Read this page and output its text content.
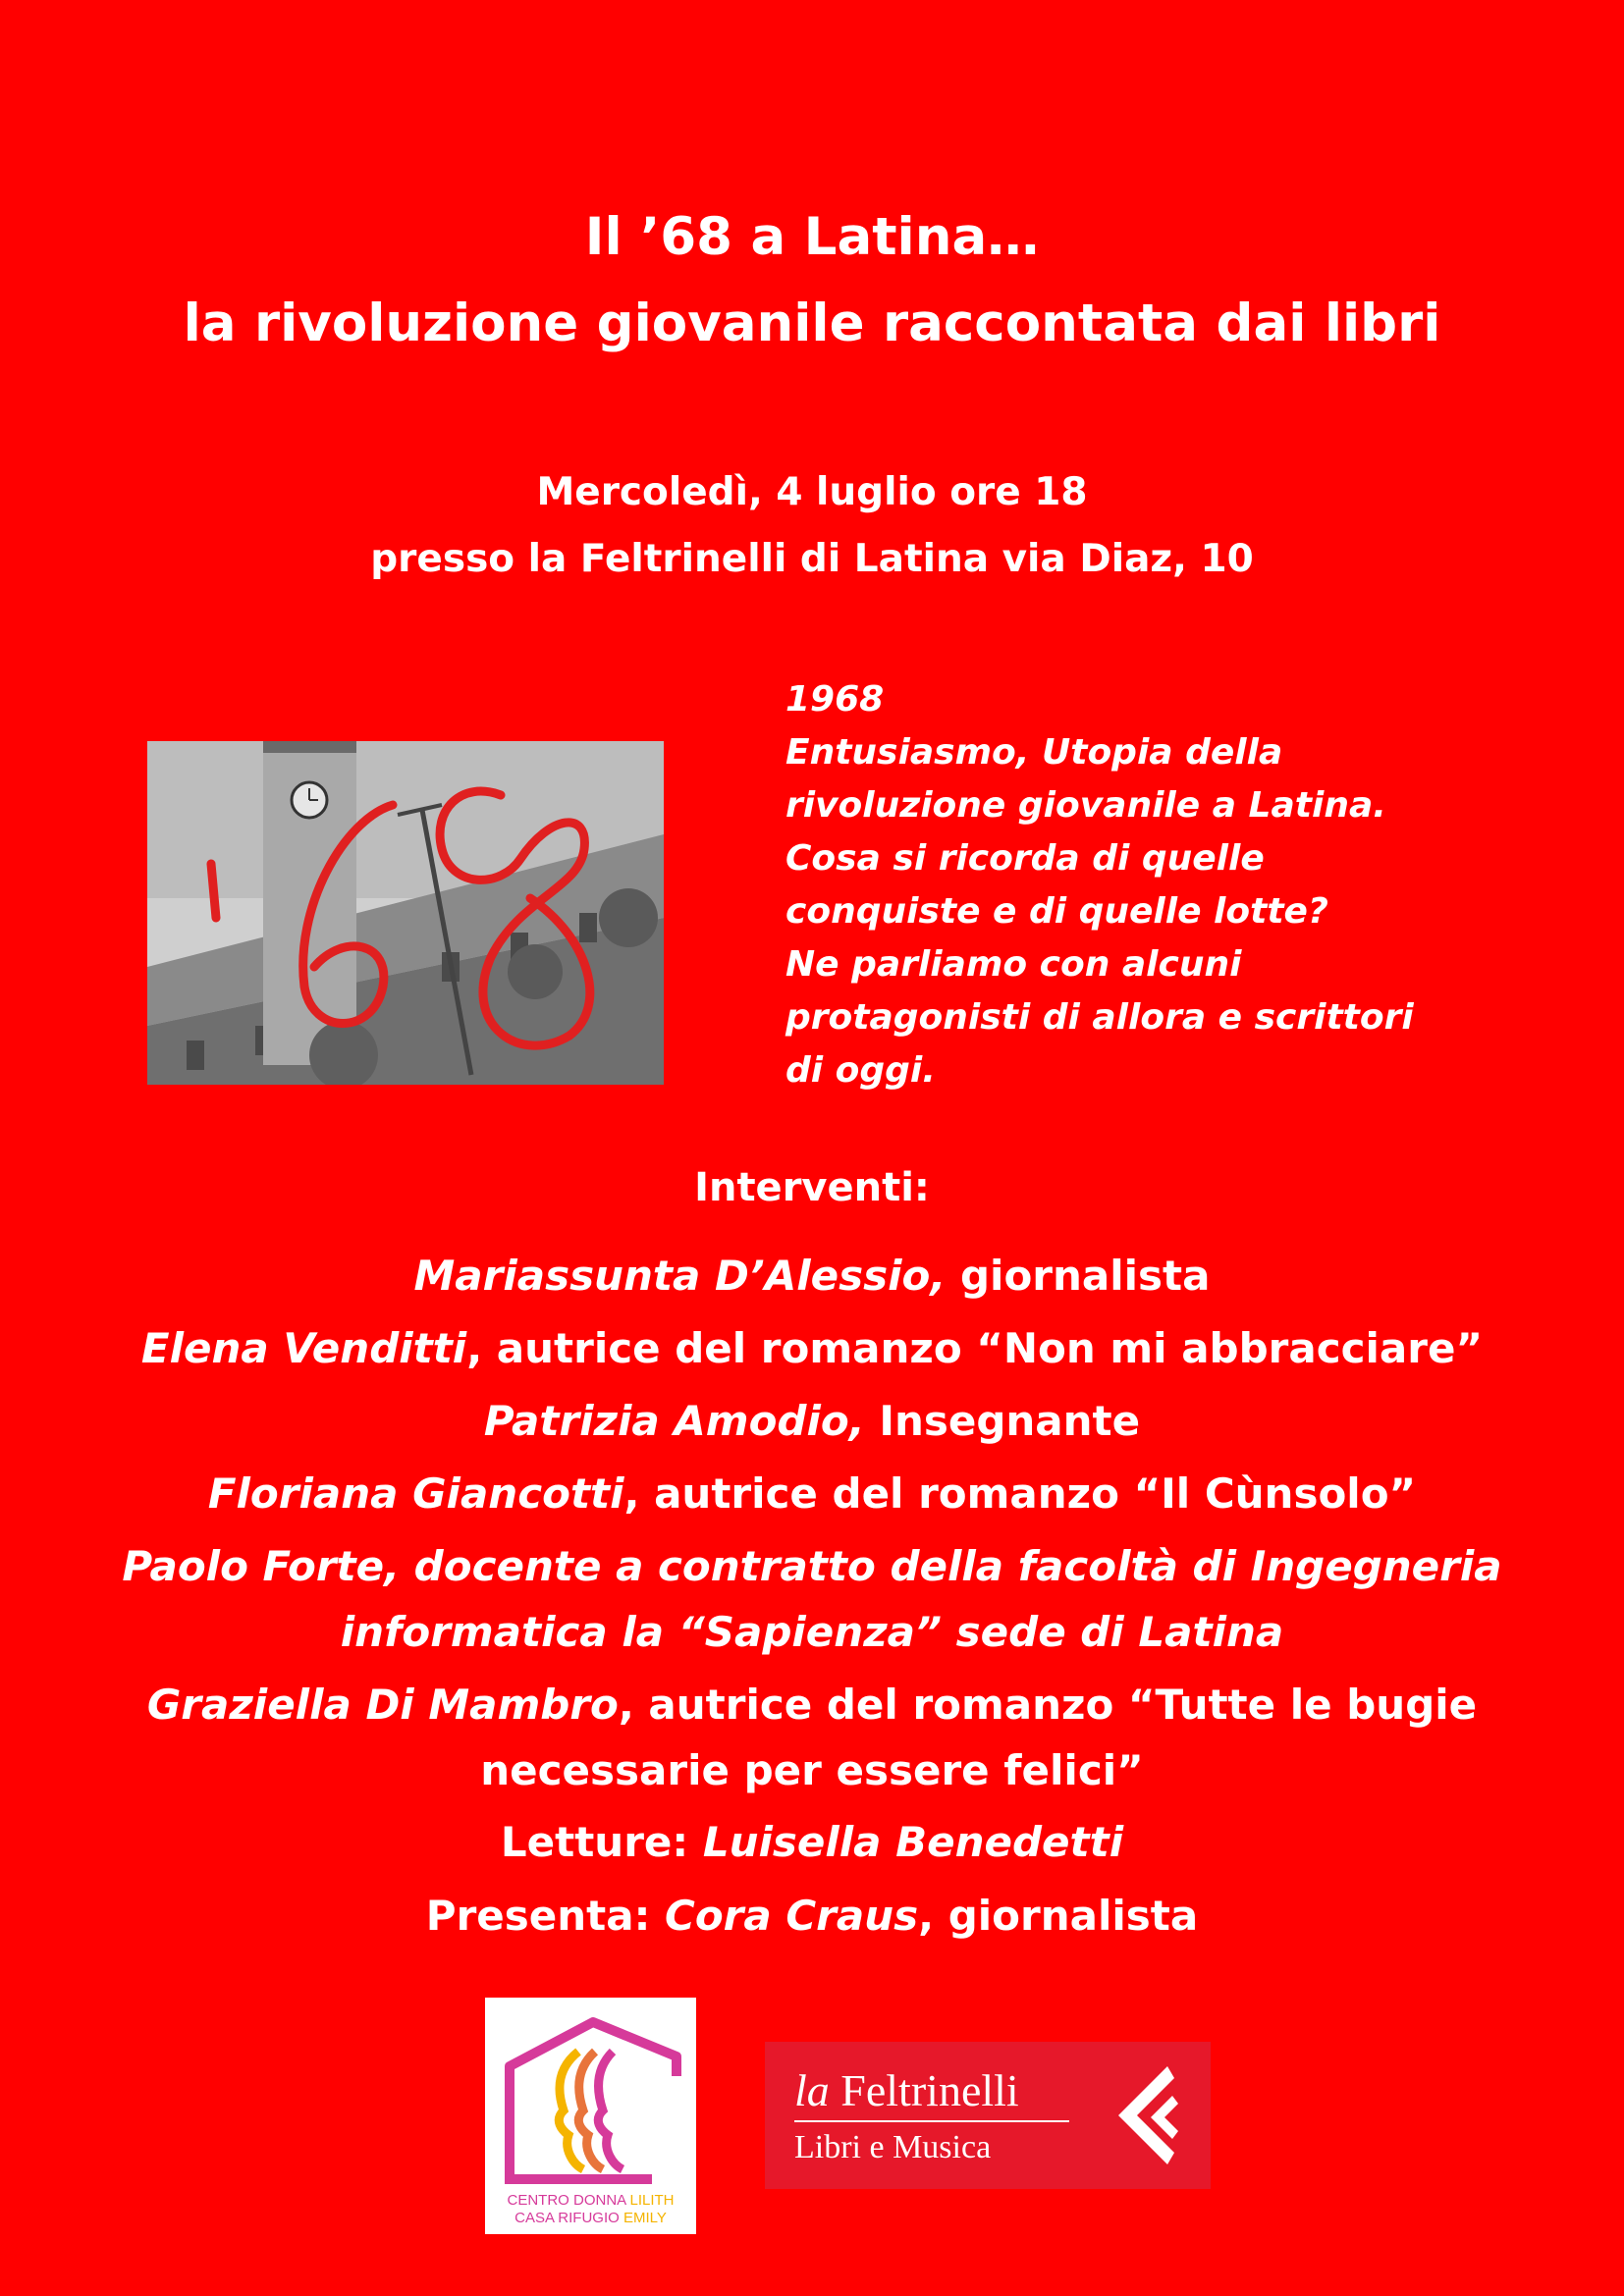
Il ’68 a Latina…
la rivoluzione giovanile raccontata dai libri
Mercoledì, 4 luglio ore 18
presso la Feltrinelli di Latina via Diaz, 10
1968
Entusiasmo, Utopia della
rivoluzione giovanile a Latina.
Cosa si ricorda di quelle
conquiste e di quelle lotte?
Ne parliamo con alcuni
protagonisti di allora e scrittori
di oggi.
Interventi:
Mariassunta D’Alessio, giornalista
Elena Venditti, autrice del romanzo “Non mi abbracciare”
Patrizia Amodio, Insegnante
Floriana Giancotti, autrice del romanzo “Il Cùnsolo”
Paolo Forte, docente a contratto della facoltà di Ingegneria
informatica la “Sapienza” sede di Latina
Graziella Di Mambro, autrice del romanzo “Tutte le bugie
necessarie per essere felici”
Letture: Luisella Benedetti
Presenta: Cora Craus, giornalista
CENTRO DONNA LILITH
CASA RIFUGIO EMILY
la Feltrinelli
Libri e Musica
